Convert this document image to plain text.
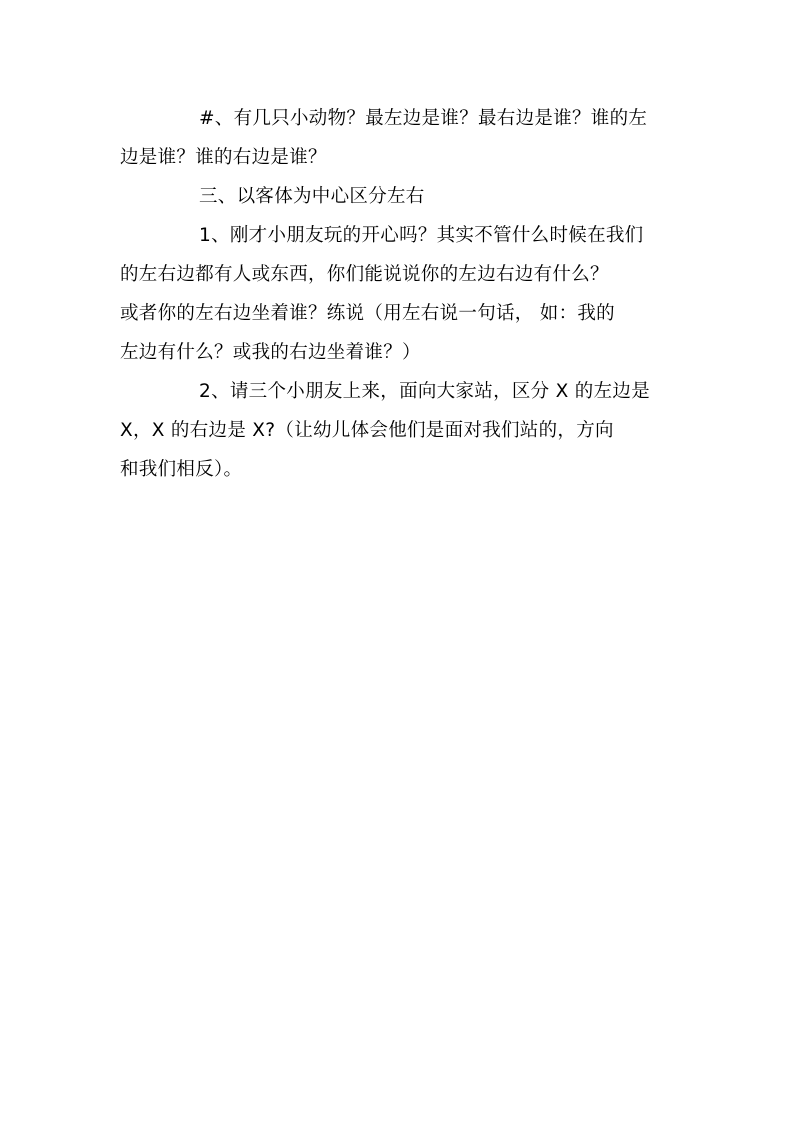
#、有几只小动物？最左边是谁？最右边是谁？谁的左
边是谁？谁的右边是谁？
三、以客体为中心区分左右
1、刚才小朋友玩的开心吗？其实不管什么时候在我们
的左右边都有人或东西，你们能说说你的左边右边有什么？
或者你的左右边坐着谁？练说（用左右说一句话， 如：我的
左边有什么？或我的右边坐着谁？）
2、请三个小朋友上来，面向大家站，区分 X 的左边是
X，X 的右边是 X?（让幼儿体会他们是面对我们站的，方向
和我们相反）。
